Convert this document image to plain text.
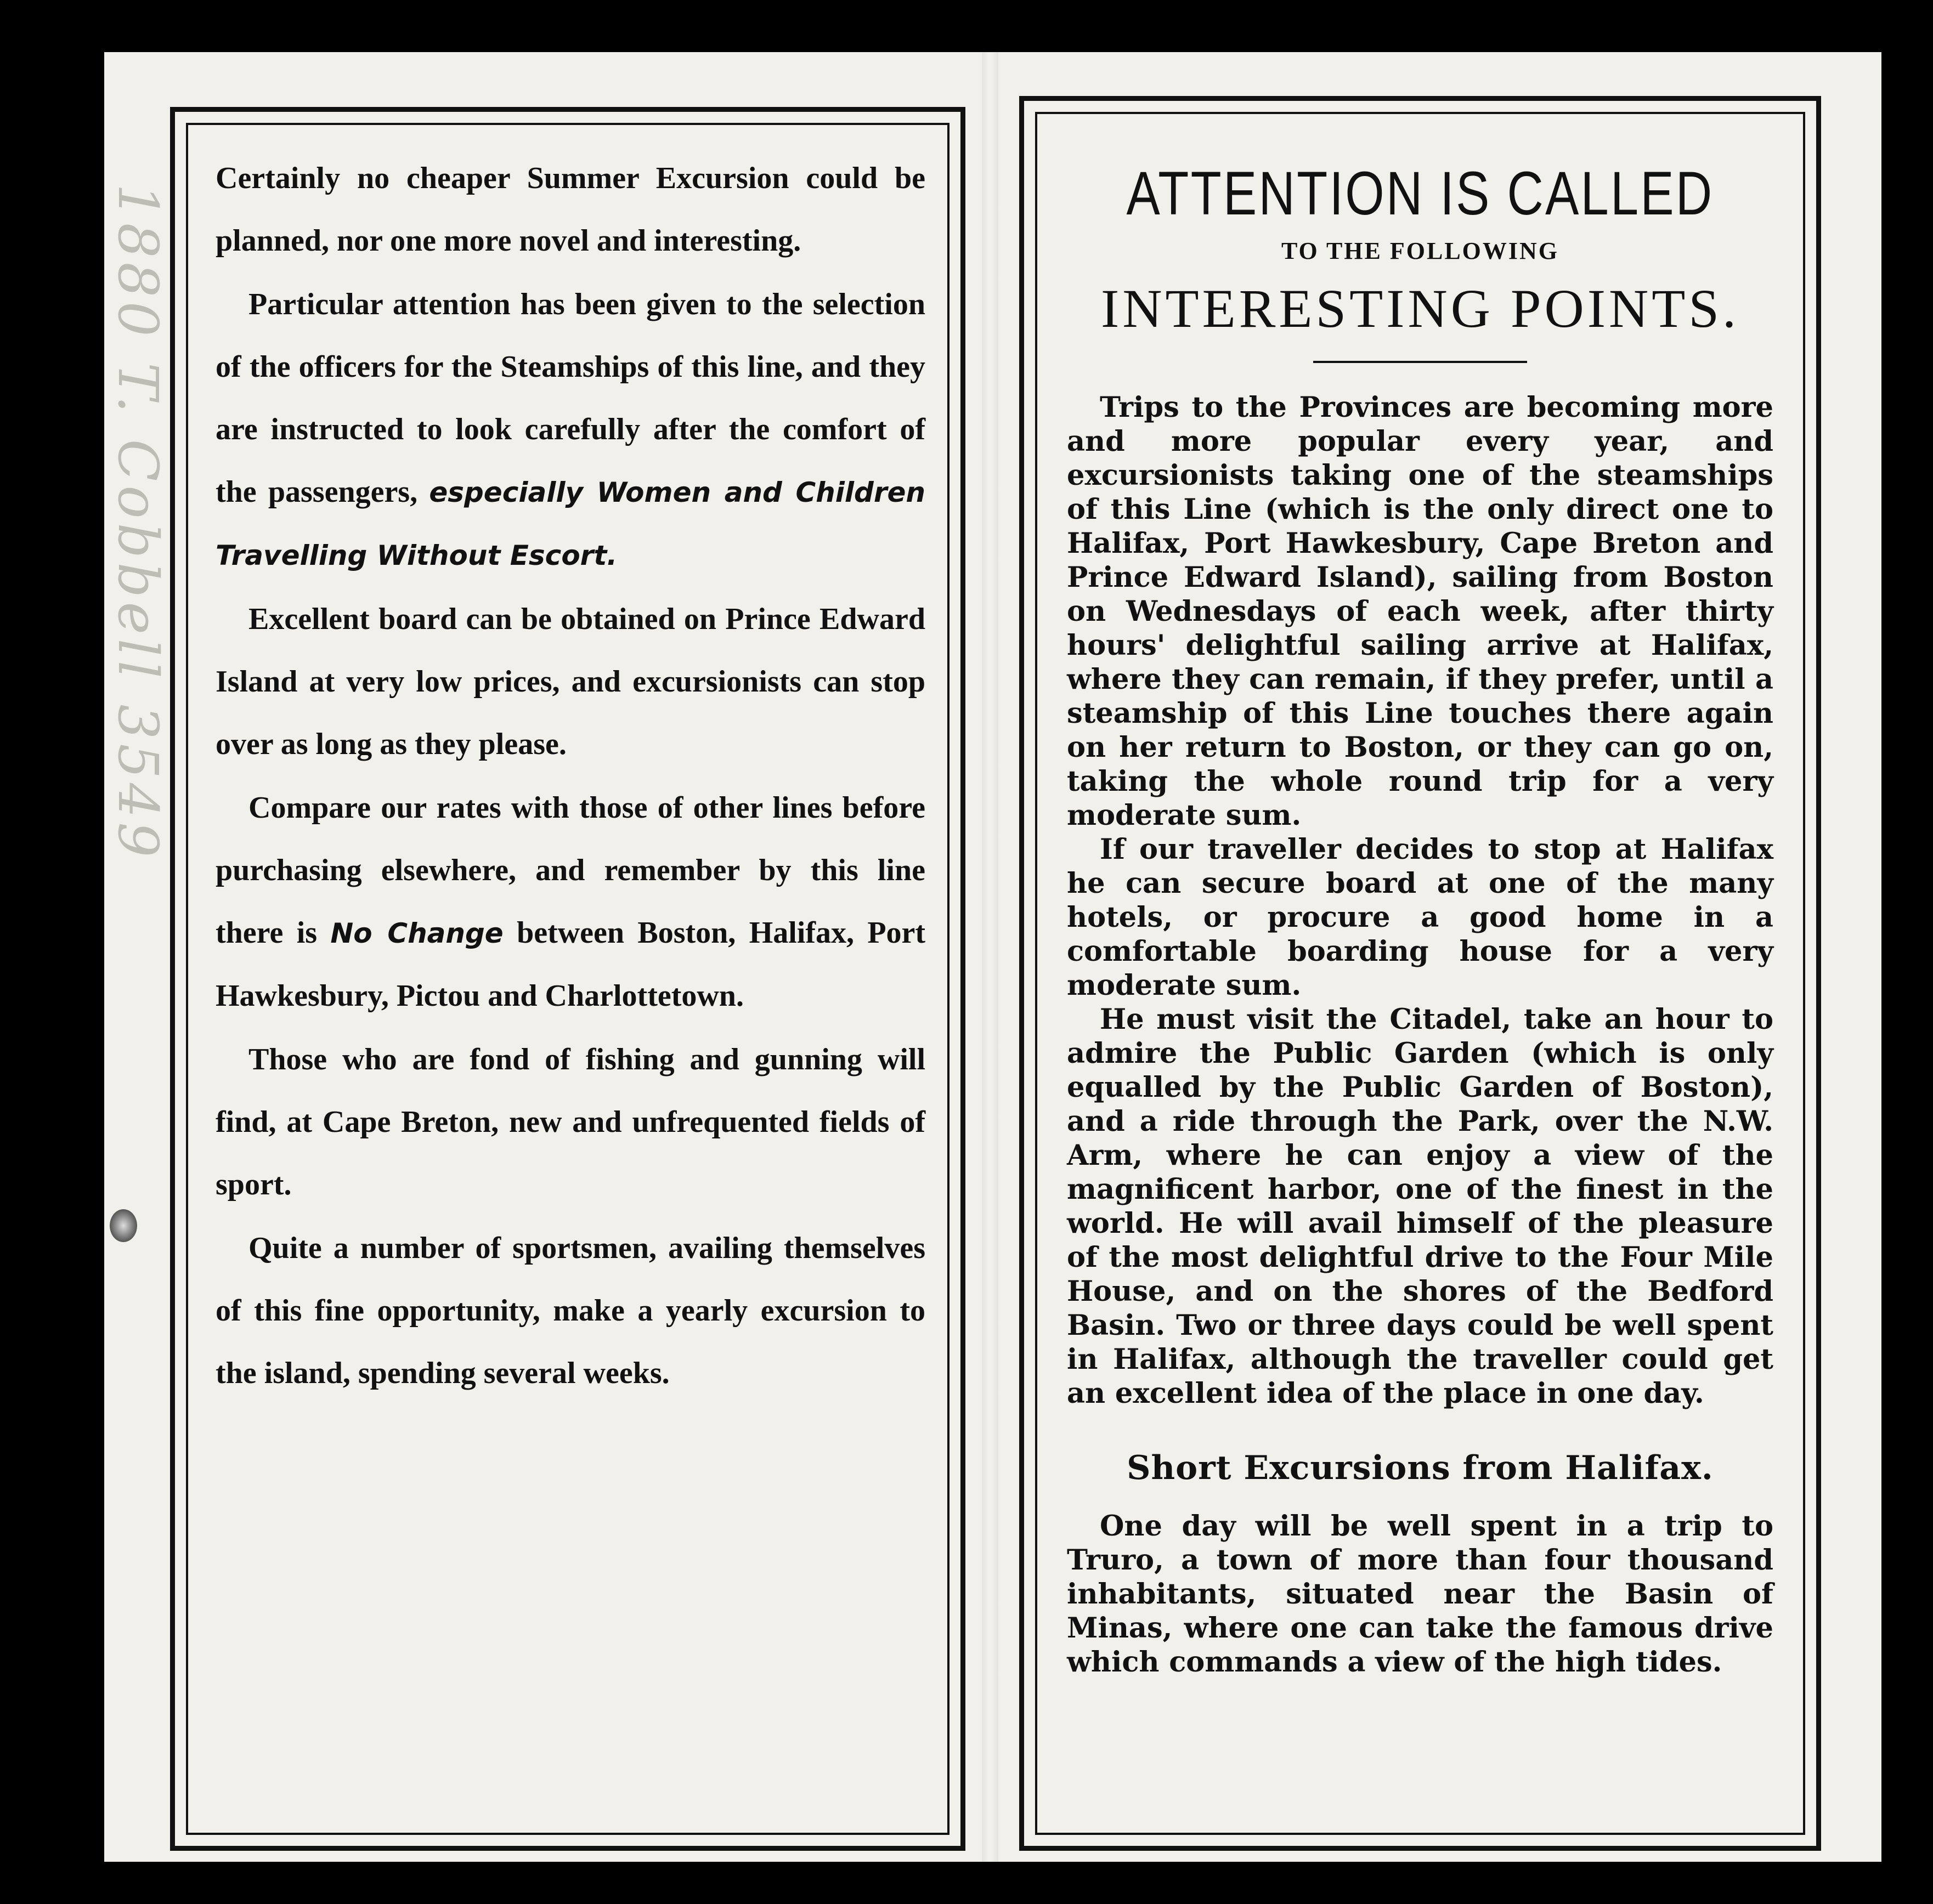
1880 T. Cobbell 3549

Certainly no cheaper Summer Excursion could be planned, nor one more novel and interesting.

Particular attention has been given to the selection of the officers for the Steamships of this line, and they are instructed to look carefully after the comfort of the passengers, especially Women and Children Travelling Without Escort.

Excellent board can be obtained on Prince Edward Island at very low prices, and excursionists can stop over as long as they please.

Compare our rates with those of other lines before purchasing elsewhere, and remember by this line there is No Change between Boston, Halifax, Port Hawkesbury, Pictou and Charlottetown.

Those who are fond of fishing and gunning will find, at Cape Breton, new and unfrequented fields of sport.

Quite a number of sportsmen, availing themselves of this fine opportunity, make a yearly excursion to the island, spending several weeks.

ATTENTION IS CALLED
TO THE FOLLOWING
INTERESTING POINTS.

Trips to the Provinces are becoming more and more popular every year, and excursionists taking one of the steamships of this Line (which is the only direct one to Halifax, Port Hawkesbury, Cape Breton and Prince Edward Island), sailing from Boston on Wednesdays of each week, after thirty hours' delightful sailing arrive at Halifax, where they can remain, if they prefer, until a steamship of this Line touches there again on her return to Boston, or they can go on, taking the whole round trip for a very moderate sum.

If our traveller decides to stop at Halifax he can secure board at one of the many hotels, or procure a good home in a comfortable boarding house for a very moderate sum.

He must visit the Citadel, take an hour to admire the Public Garden (which is only equalled by the Public Garden of Boston), and a ride through the Park, over the N.W. Arm, where he can enjoy a view of the magnificent harbor, one of the finest in the world. He will avail himself of the pleasure of the most delightful drive to the Four Mile House, and on the shores of the Bedford Basin. Two or three days could be well spent in Halifax, although the traveller could get an excellent idea of the place in one day.

Short Excursions from Halifax.

One day will be well spent in a trip to Truro, a town of more than four thousand inhabitants, situated near the Basin of Minas, where one can take the famous drive which commands a view of the high tides.
